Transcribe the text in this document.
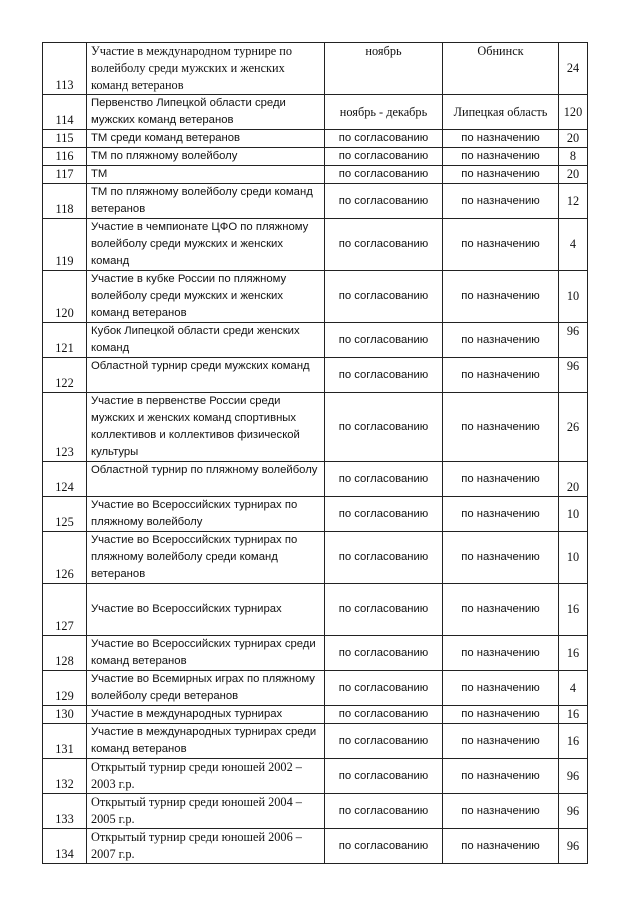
113	Участие в международном турнире по волейболу среди мужских и женских команд ветеранов	ноябрь	Обнинск	24
114	Первенство Липецкой области среди мужских команд ветеранов	ноябрь - декабрь	Липецкая область	120
115	ТМ среди команд ветеранов	по согласованию	по назначению	20
116	ТМ по пляжному волейболу	по согласованию	по назначению	8
117	ТМ	по согласованию	по назначению	20
118	ТМ по пляжному волейболу среди команд ветеранов	по согласованию	по назначению	12
119	Участие в чемпионате ЦФО по пляжному волейболу среди мужских и женских команд	по согласованию	по назначению	4
120	Участие в кубке России по пляжному волейболу среди мужских и женских команд ветеранов	по согласованию	по назначению	10
121	Кубок Липецкой области среди женских команд	по согласованию	по назначению	96
122	Областной турнир среди мужских команд	по согласованию	по назначению	96
123	Участие в первенстве России среди мужских и женских команд спортивных коллективов и коллективов физической культуры	по согласованию	по назначению	26
124	Областной турнир по пляжному волейболу	по согласованию	по назначению	20
125	Участие во Всероссийских турнирах по пляжному волейболу	по согласованию	по назначению	10
126	Участие во Всероссийских турнирах по пляжному волейболу среди команд ветеранов	по согласованию	по назначению	10
127	Участие во Всероссийских турнирах	по согласованию	по назначению	16
128	Участие во Всероссийских турнирах среди команд ветеранов	по согласованию	по назначению	16
129	Участие во Всемирных играх по пляжному волейболу среди ветеранов	по согласованию	по назначению	4
130	Участие в международных турнирах	по согласованию	по назначению	16
131	Участие в международных турнирах среди команд ветеранов	по согласованию	по назначению	16
132	Открытый турнир среди юношей 2002 – 2003 г.р.	по согласованию	по назначению	96
133	Открытый турнир среди юношей 2004 – 2005 г.р.	по согласованию	по назначению	96
134	Открытый турнир среди юношей 2006 – 2007 г.р.	по согласованию	по назначению	96
